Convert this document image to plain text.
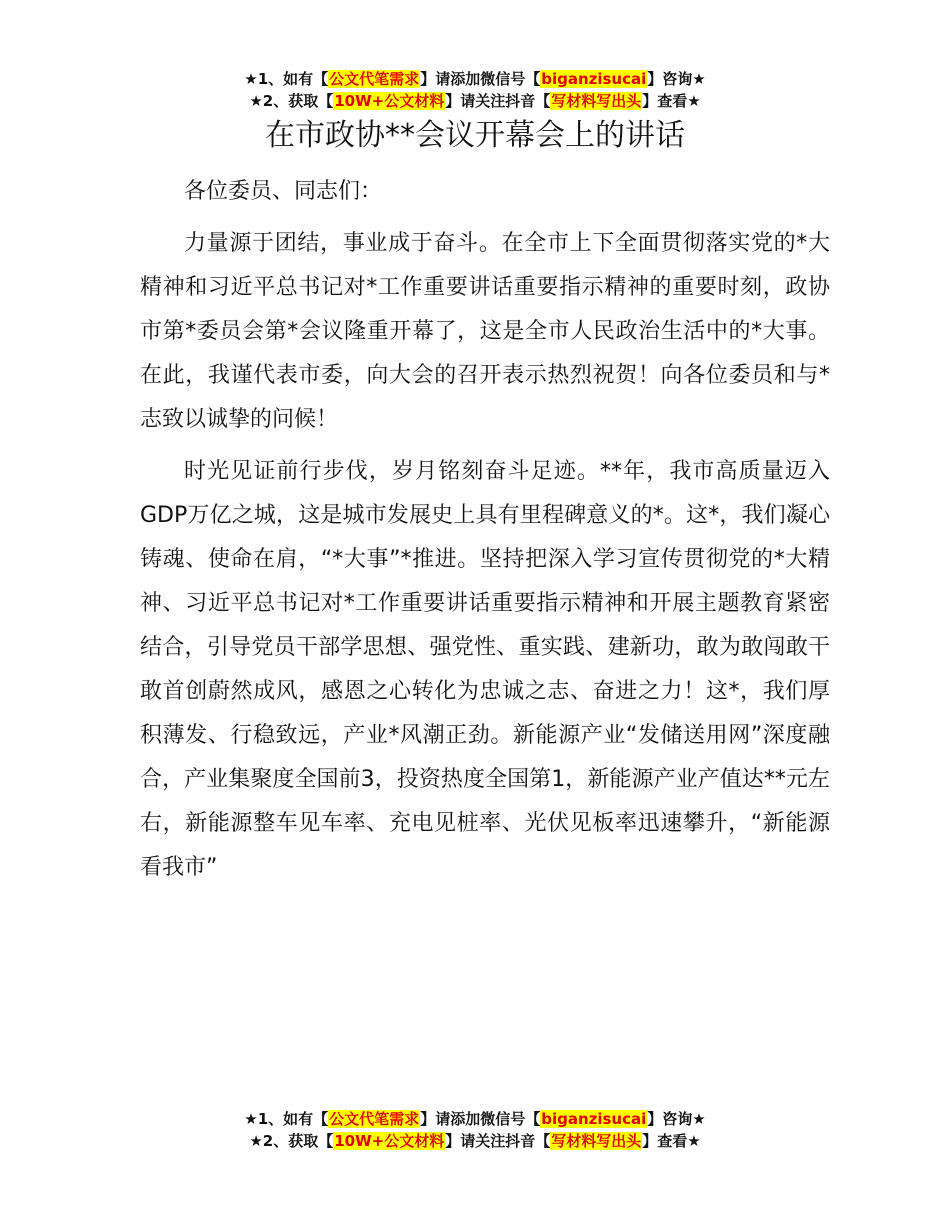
★1、如有【公文代笔需求】请添加微信号【biganzisucai】咨询★
★2、获取【10W+公文材料】请关注抖音【写材料写出头】查看★
在市政协**会议开幕会上的讲话

各位委员、同志们：

力量源于团结，事业成于奋斗。在全市上下全面贯彻落实党的*大精神和习近平总书记对*工作重要讲话重要指示精神的重要时刻，政协市第*委员会第*会议隆重开幕了，这是全市人民政治生活中的*大事。在此，我谨代表市委，向大会的召开表示热烈祝贺！向各位委员和与*志致以诚挚的问候！

时光见证前行步伐，岁月铭刻奋斗足迹。**年，我市高质量迈入GDP万亿之城，这是城市发展史上具有里程碑意义的*。这*，我们凝心铸魂、使命在肩，“*大事”*推进。坚持把深入学习宣传贯彻党的*大精神、习近平总书记对*工作重要讲话重要指示精神和开展主题教育紧密结合，引导党员干部学思想、强党性、重实践、建新功，敢为敢闯敢干敢首创蔚然成风，感恩之心转化为忠诚之志、奋进之力！这*，我们厚积薄发、行稳致远，产业*风潮正劲。新能源产业“发储送用网”深度融合，产业集聚度全国前3，投资热度全国第1，新能源产业产值达**元左右，新能源整车见车率、充电见桩率、光伏见板率迅速攀升，“新能源看我市”

★1、如有【公文代笔需求】请添加微信号【biganzisucai】咨询★
★2、获取【10W+公文材料】请关注抖音【写材料写出头】查看★
